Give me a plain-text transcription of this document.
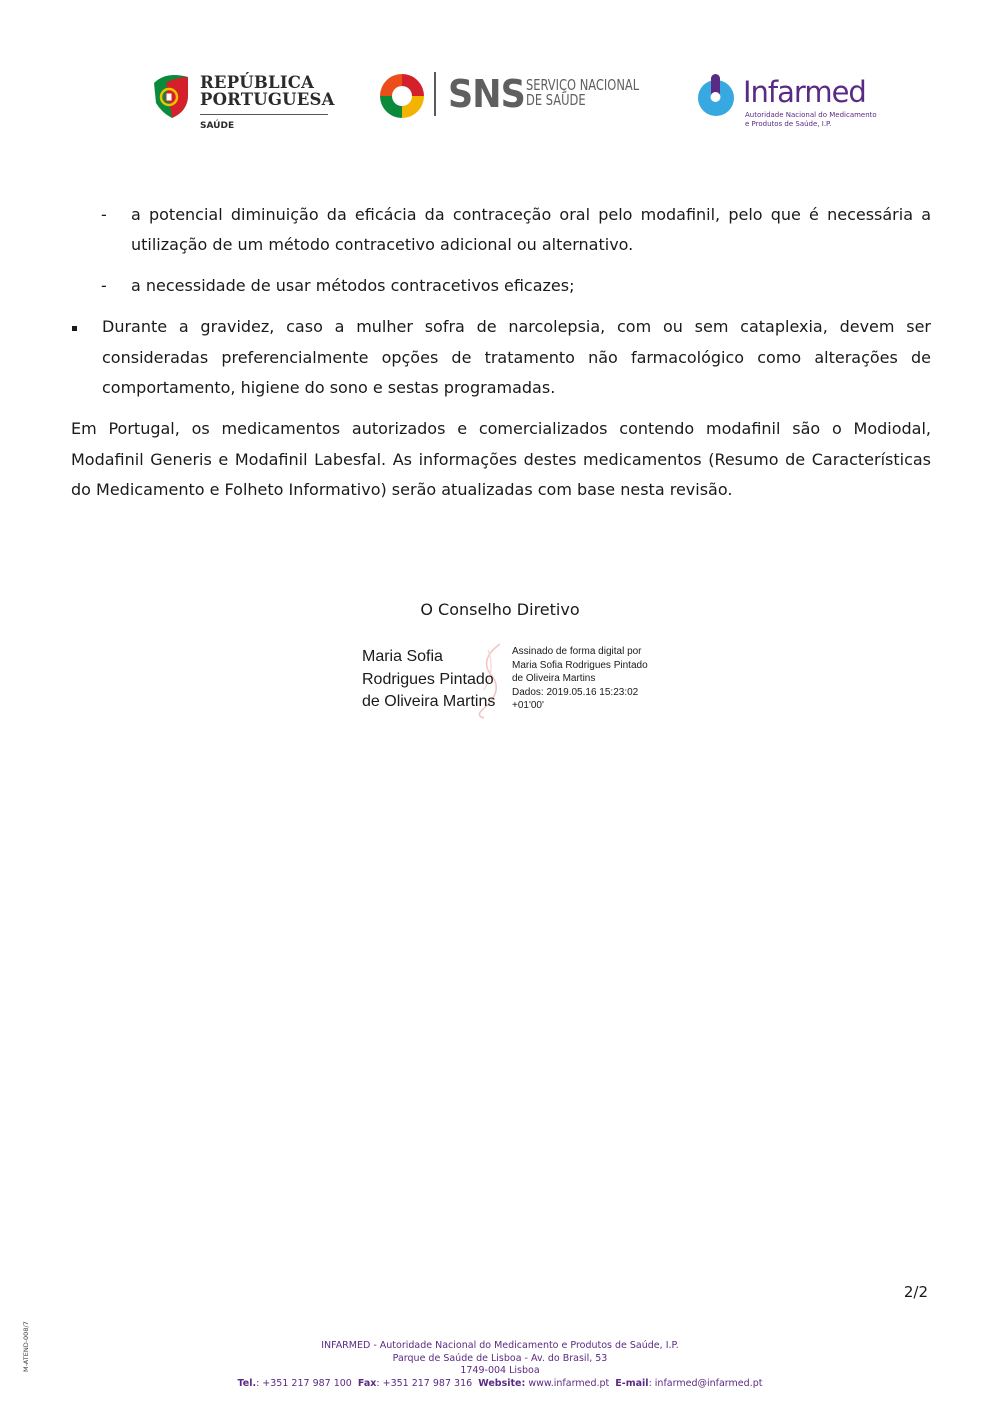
REPÚBLICA
PORTUGUESA
SAÚDE
SNS SERVIÇO NACIONAL
DE SAÚDE	Infarmed
Autoridade Nacional do Medicamento
e Produtos de Saúde, I.P.
- a potencial diminuição da eficácia da contraceção oral pelo modafinil, pelo que é necessária a
utilização de um método contracetivo adicional ou alternativo.
- a necessidade de usar métodos contracetivos eficazes;
Durante a gravidez, caso a mulher sofra de narcolepsia, com ou sem cataplexia, devem ser consideradas preferencialmente opções de tratamento não farmacológico como alterações de comportamento, higiene do sono e sestas programadas.
Em Portugal, os medicamentos autorizados e comercializados contendo modafinil são o Modiodal, Modafinil Generis e Modafinil Labesfal. As informações destes medicamentos (Resumo de Características do Medicamento e Folheto Informativo) serão atualizadas com base nesta revisão.
O Conselho Diretivo
Maria Sofia
Rodrigues Pintado
de Oliveira Martins
Assinado de forma digital por
Maria Sofia Rodrigues Pintado
de Oliveira Martins
Dados: 2019.05.16 15:23:02
+01'00'
2/2
M-ATEND-008/7	INFARMED - Autoridade Nacional do Medicamento e Produtos de Saúde, I.P.
Parque de Saúde de Lisboa - Av. do Brasil, 53
1749-004 Lisboa
Tel.: +351 217 987 100 Fax: +351 217 987 316 Website: www.infarmed.pt E-mail: infarmed@infarmed.pt
